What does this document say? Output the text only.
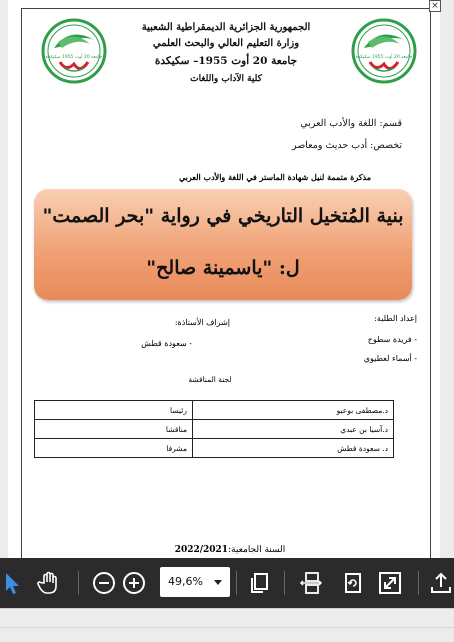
×
جامعة 20 أوت 1955 سكيكدة	جامعة 20 أوت 1955 سكيكدة
الجمهورية الجزائرية الديمقراطية الشعبية
وزارة التعليم العالي والبحث العلمي
جامعة 20 أوت 1955– سكيكدة
كلية الآداب واللغات
قسم: اللغة والأدب العربي
تخصص: أدب حديث ومعاصر
مذكرة متممة لنيل شهادة الماستر في اللغة والأدب العربي
بنية المُتخيل التاريخي في رواية "بحر الصمت"
ل: "ياسمينة صالح"
إعداد الطلبة:
- فريدة سطوح
- أسماء لعطيوي
إشراف الأستاذة:
- سعودة قطش
لجنة المناقشة
د.مصطفى بوعيو	رئيسا
د.آسيا بن عبدي	مناقشا
د. سعودة قطش	مشرفا
السنة الجامعية:2022/2021
49,6%
